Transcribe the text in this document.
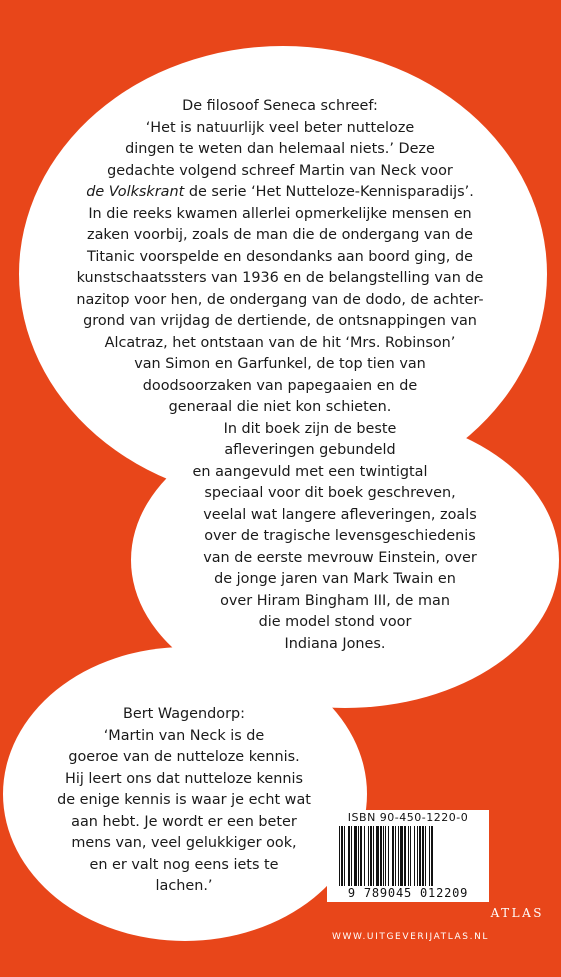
De filosoof Seneca schreef:
‘Het is natuurlijk veel beter nutteloze
dingen te weten dan helemaal niets.’ Deze
gedachte volgend schreef Martin van Neck voor
de Volkskrant de serie ‘Het Nutteloze-Kennisparadijs’.
In die reeks kwamen allerlei opmerkelijke mensen en
zaken voorbij, zoals de man die de ondergang van de
Titanic voorspelde en desondanks aan boord ging, de
kunstschaatssters van 1936 en de belangstelling van de
nazitop voor hen, de ondergang van de dodo, de achter-
grond van vrijdag de dertiende, de ontsnappingen van
Alcatraz, het ontstaan van de hit ‘Mrs. Robinson’
van Simon en Garfunkel, de top tien van
doodsoorzaken van papegaaien en de
generaal die niet kon schieten.
In dit boek zijn de beste
afleveringen gebundeld
en aangevuld met een twintigtal
speciaal voor dit boek geschreven,
veelal wat langere afleveringen, zoals
over de tragische levensgeschiedenis
van de eerste mevrouw Einstein, over
de jonge jaren van Mark Twain en
over Hiram Bingham III, de man
die model stond voor
Indiana Jones.
Bert Wagendorp:
‘Martin van Neck is de
goeroe van de nutteloze kennis.
Hij leert ons dat nutteloze kennis
de enige kennis is waar je echt wat
aan hebt. Je wordt er een beter
mens van, veel gelukkiger ook,
en er valt nog eens iets te
lachen.’
ISBN 90-450-1220-0
9 789045 012209
ATLAS
WWW.UITGEVERIJATLAS.NL
